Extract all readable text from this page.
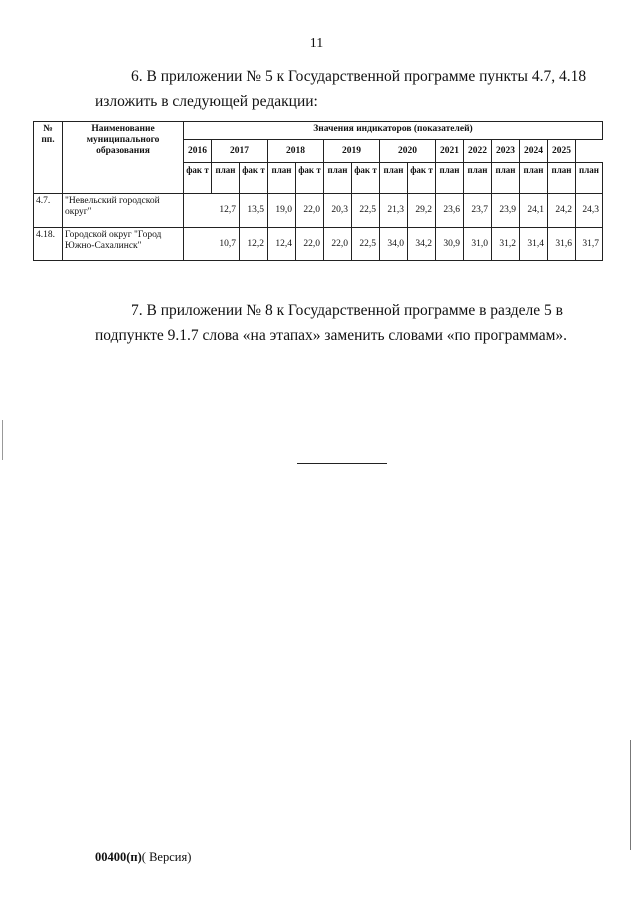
11
6. В приложении № 5 к Государственной программе пункты 4.7, 4.18
изложить в следующей редакции:
№ пп.	Наименование муниципального образования	Значения индикаторов (показателей)														
		2016	2017		2018		2019		2020		2021	2022	2023	2024	2025	
		фак т	план	фак т	план	фак т	план	фак т	план	фак т	план	план	план	план	план	план
4.7.	"Невельский городской округ"	12,7		13,5	19,0	22,0	20,3	22,5	21,3	29,2	23,6	23,7	23,9	24,1	24,2	24,3
4.18.	Городской округ "Город Южно-Сахалинск"	10,7		12,2	12,4	22,0	22,0	22,5	34,0	34,2	30,9	31,0	31,2	31,4	31,6	31,7
7. В приложении № 8 к Государственной программе в разделе 5 в
подпункте 9.1.7 слова «на этапах» заменить словами «по программам».
00400(п)( Версия)
